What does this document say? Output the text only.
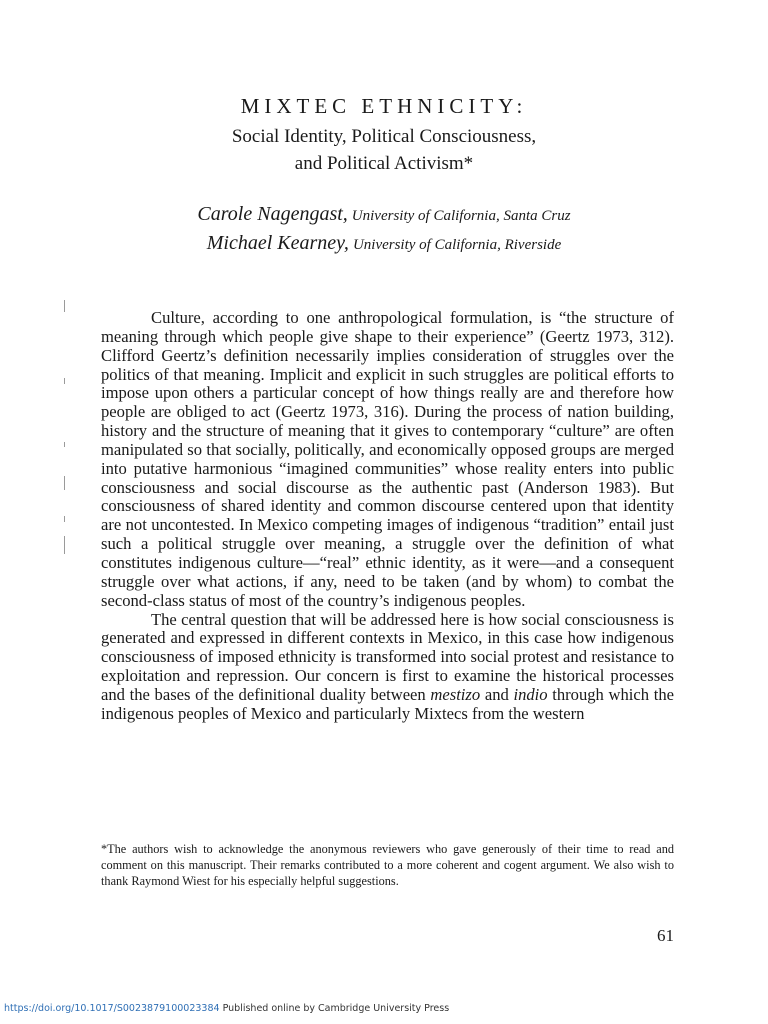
MIXTEC ETHNICITY:
Social Identity, Political Consciousness,
and Political Activism*
Carole Nagengast, University of California, Santa Cruz
Michael Kearney, University of California, Riverside

Culture, according to one anthropological formulation, is “the structure of meaning through which people give shape to their experience” (Geertz 1973, 312). Clifford Geertz’s definition necessarily implies consideration of struggles over the politics of that meaning. Implicit and explicit in such struggles are political efforts to impose upon others a particular concept of how things really are and therefore how people are obliged to act (Geertz 1973, 316). During the process of nation building, history and the structure of meaning that it gives to contemporary “culture” are often manipulated so that socially, politically, and economically opposed groups are merged into putative harmonious “imagined communities” whose reality enters into public consciousness and social discourse as the authentic past (Anderson 1983). But consciousness of shared identity and common discourse centered upon that identity are not uncontested. In Mexico competing images of indigenous “tradition” entail just such a political struggle over meaning, a struggle over the definition of what constitutes indigenous culture—“real” ethnic identity, as it were—and a consequent struggle over what actions, if any, need to be taken (and by whom) to combat the second-class status of most of the country’s indigenous peoples.

The central question that will be addressed here is how social consciousness is generated and expressed in different contexts in Mexico, in this case how indigenous consciousness of imposed ethnicity is transformed into social protest and resistance to exploitation and repression. Our concern is first to examine the historical processes and the bases of the definitional duality between mestizo and indio through which the indigenous peoples of Mexico and particularly Mixtecs from the western

*The authors wish to acknowledge the anonymous reviewers who gave generously of their time to read and comment on this manuscript. Their remarks contributed to a more coherent and cogent argument. We also wish to thank Raymond Wiest for his especially helpful suggestions.

61

https://doi.org/10.1017/S0023879100023384 Published online by Cambridge University Press
